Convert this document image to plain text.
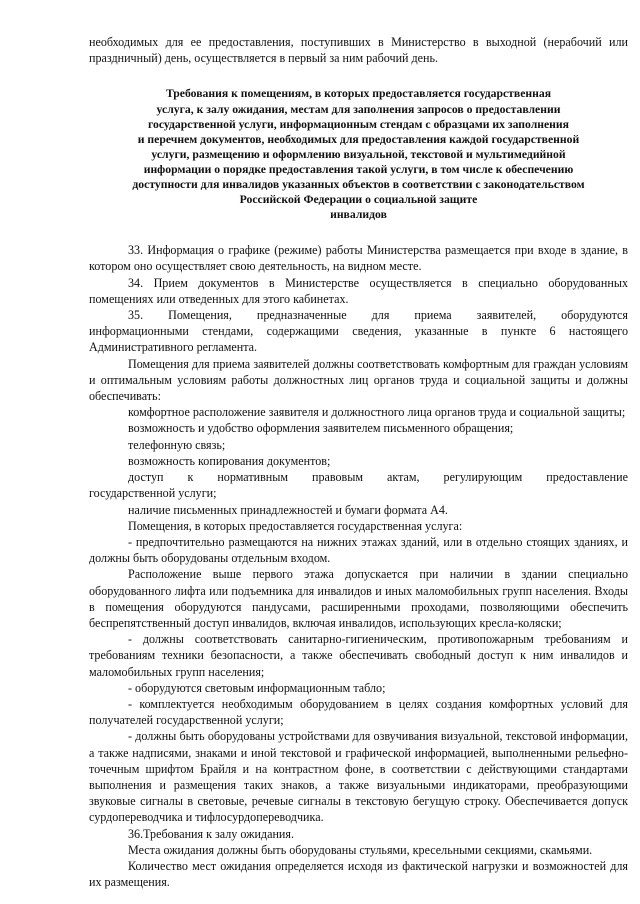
необходимых для ее предоставления, поступивших в Министерство в выходной (нерабочий или праздничный) день, осуществляется в первый за ним рабочий день.

Требования к помещениям, в которых предоставляется государственная
услуга, к залу ожидания, местам для заполнения запросов о предоставлении
государственной услуги, информационным стендам с образцами их заполнения
и перечнем документов, необходимых для предоставления каждой государственной
услуги, размещению и оформлению визуальной, текстовой и мультимедийной
информации о порядке предоставления такой услуги, в том числе к обеспечению
доступности для инвалидов указанных объектов в соответствии с законодательством
Российской Федерации о социальной защите
инвалидов

33. Информация о графике (режиме) работы Министерства размещается при входе в здание, в котором оно осуществляет свою деятельность, на видном месте.

34. Прием документов в Министерстве осуществляется в специально оборудованных помещениях или отведенных для этого кабинетах.

35. Помещения, предназначенные для приема заявителей, оборудуются

информационными стендами, содержащими сведения, указанные в пункте 6 настоящего Административного регламента.

Помещения для приема заявителей должны соответствовать комфортным для граждан условиям и оптимальным условиям работы должностных лиц органов труда и социальной защиты и должны обеспечивать:

комфортное расположение заявителя и должностного лица органов труда и социальной защиты;

возможность и удобство оформления заявителем письменного обращения;

телефонную связь;

возможность копирования документов;

доступ к нормативным правовым актам, регулирующим предоставление

государственной услуги;

наличие письменных принадлежностей и бумаги формата А4.

Помещения, в которых предоставляется государственная услуга:

- предпочтительно размещаются на нижних этажах зданий, или в отдельно стоящих зданиях, и должны быть оборудованы отдельным входом.

Расположение выше первого этажа допускается при наличии в здании специально оборудованного лифта или подъемника для инвалидов и иных маломобильных групп населения. Входы в помещения оборудуются пандусами, расширенными проходами, позволяющими обеспечить беспрепятственный доступ инвалидов, включая инвалидов, использующих кресла-коляски;

- должны соответствовать санитарно-гигиеническим, противопожарным требованиям и требованиям техники безопасности, а также обеспечивать свободный доступ к ним инвалидов и маломобильных групп населения;

- оборудуются световым информационным табло;

- комплектуется необходимым оборудованием в целях создания комфортных условий для получателей государственной услуги;

- должны быть оборудованы устройствами для озвучивания визуальной, текстовой информации, а также надписями, знаками и иной текстовой и графической информацией, выполненными рельефно-точечным шрифтом Брайля и на контрастном фоне, в соответствии с действующими стандартами выполнения и размещения таких знаков, а также визуальными индикаторами, преобразующими звуковые сигналы в световые, речевые сигналы в текстовую бегущую строку. Обеспечивается допуск сурдопереводчика и тифлосурдопереводчика.

36.Требования к залу ожидания.

Места ожидания должны быть оборудованы стульями, кресельными секциями, скамьями.

Количество мест ожидания определяется исходя из фактической нагрузки и возможностей для их размещения.
